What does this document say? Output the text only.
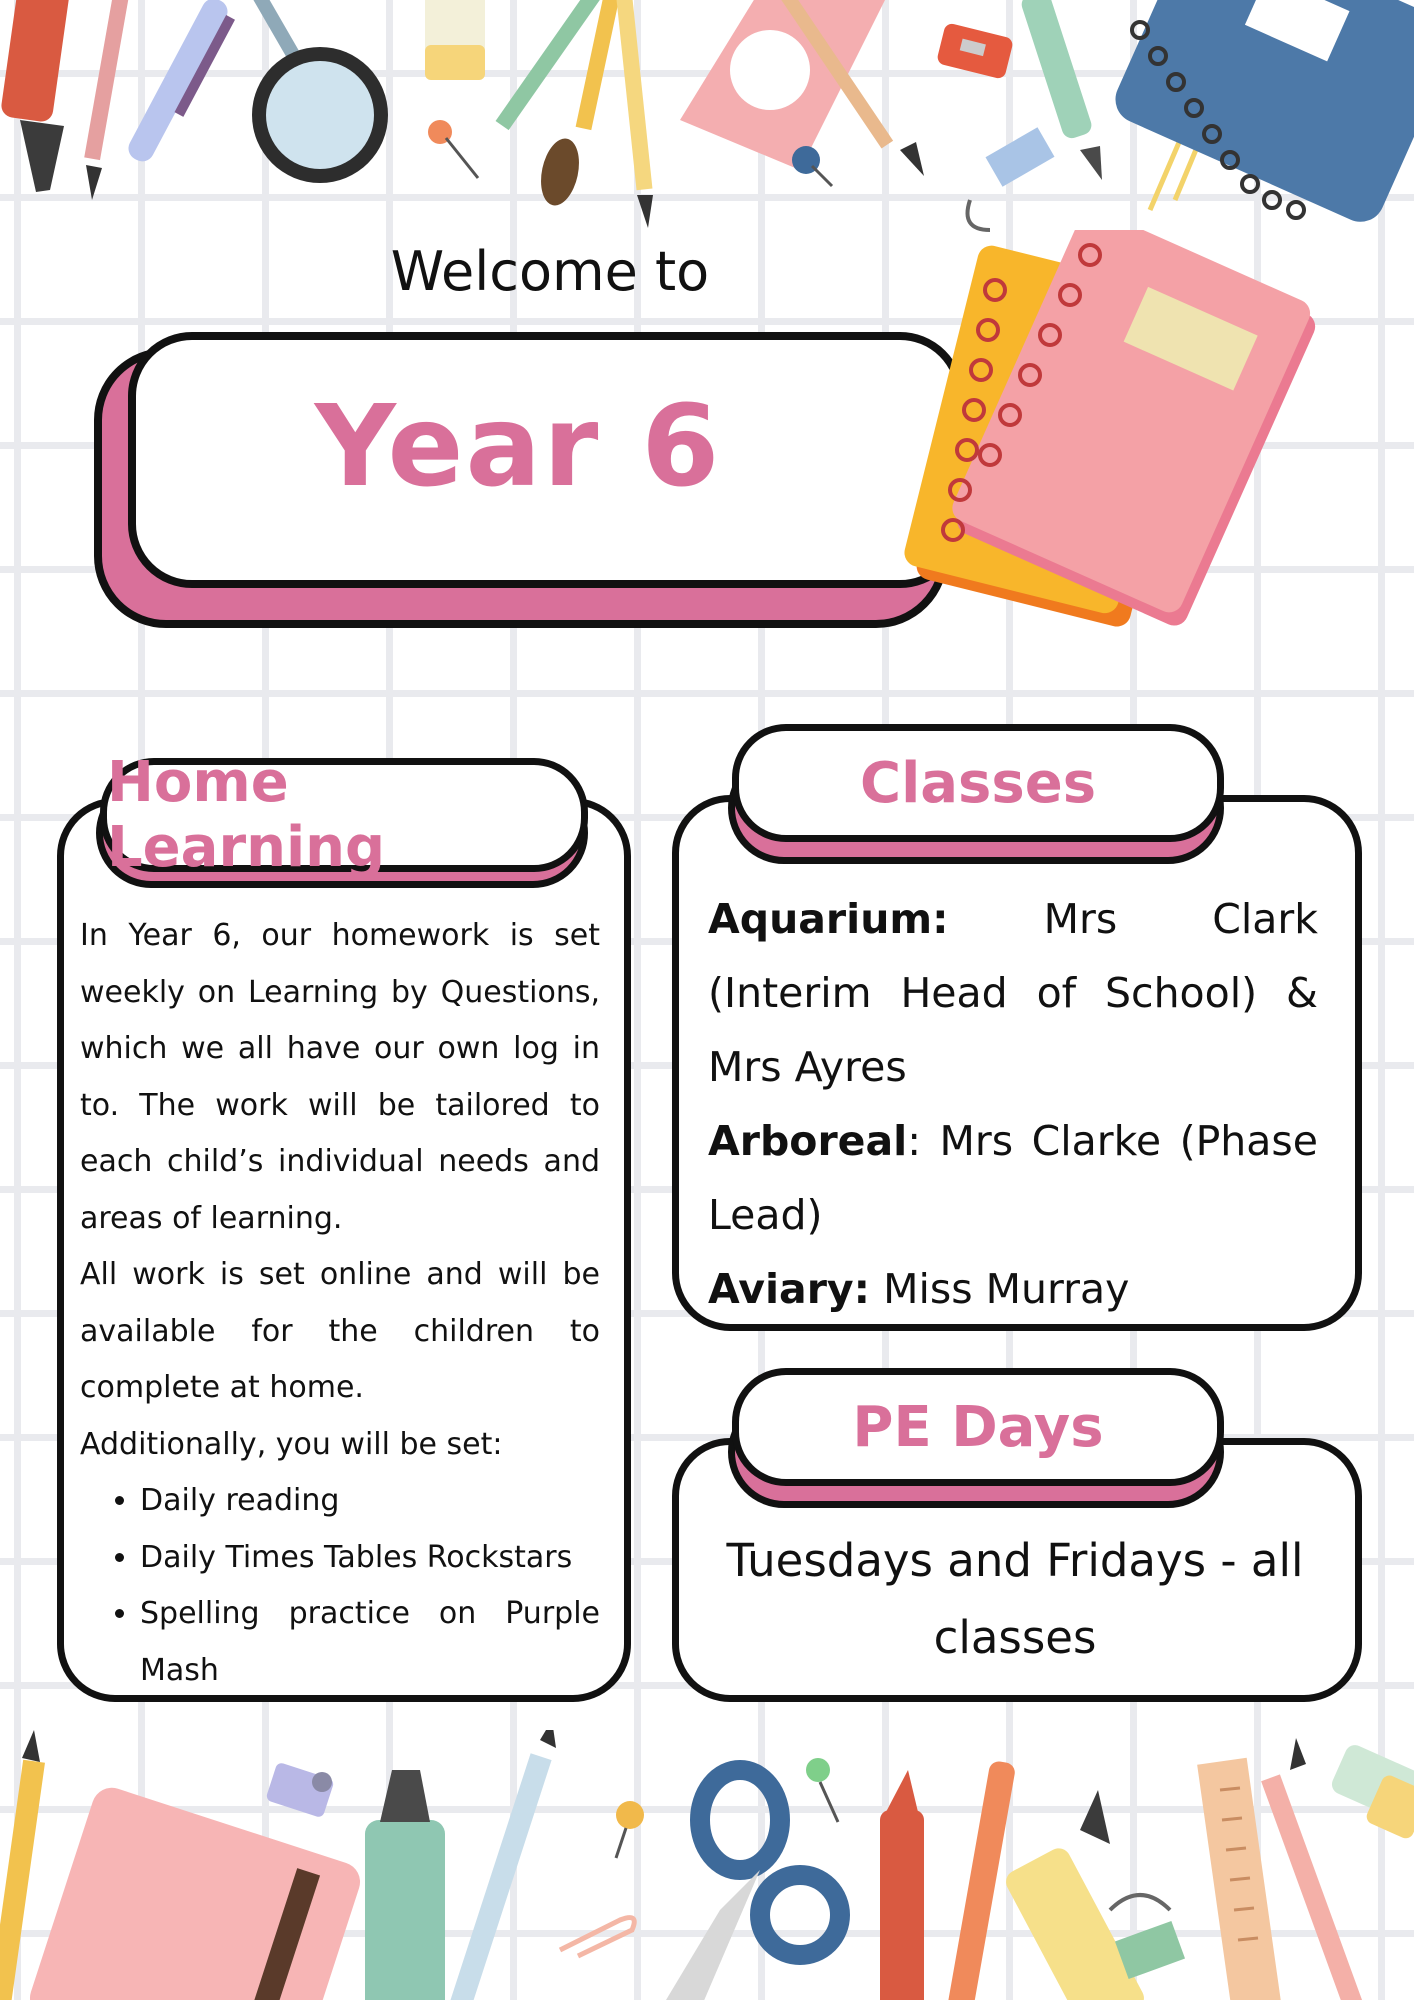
Welcome to
Year 6
Home Learning

In Year 6, our homework is set weekly on Learning by Questions, which we all have our own log in to. The work will be tailored to each child’s individual needs and areas of learning.

All work is set online and will be available for the children to complete at home.

Additionally, you will be set:

• Daily reading
• Daily Times Tables Rockstars
• Spelling practice on Purple Mash
Classes

Aquarium: Mrs Clark (Interim Head of School) & Mrs Ayres

Arboreal: Mrs Clarke (Phase Lead)

Aviary: Miss Murray

PE Days
Tuesdays and Fridays - all classes
